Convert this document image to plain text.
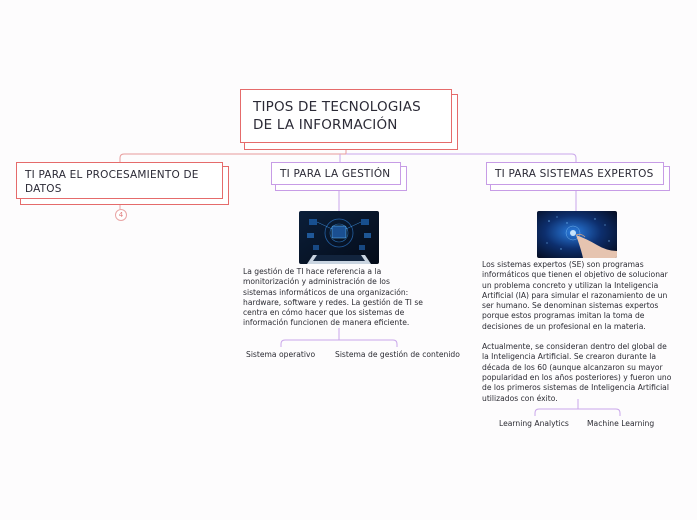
TIPOS DE TECNOLOGIAS
DE LA INFORMACIÓN
TI PARA EL PROCESAMIENTO DE DATOS
4
TI PARA LA GESTIÓN	TI PARA SISTEMAS EXPERTOS
La gestión de TI hace referencia a la monitorización y administración de los sistemas informáticos de una organización: hardware, software y redes. La gestión de TI se centra en cómo hacer que los sistemas de información funcionen de manera eficiente.
Los sistemas expertos (SE) son programas informáticos que tienen el objetivo de solucionar un problema concreto y utilizan la Inteligencia Artificial (IA) para simular el razonamiento de un ser humano. Se denominan sistemas expertos porque estos programas imitan la toma de decisiones de un profesional en la materia.
Actualmente, se consideran dentro del global de la Inteligencia Artificial. Se crearon durante la década de los 60 (aunque alcanzaron su mayor popularidad en los años posteriores) y fueron uno de los primeros sistemas de Inteligencia Artificial utilizados con éxito.
Sistema operativo	Sistema de gestión de contenido
Learning Analytics Machine Learning
